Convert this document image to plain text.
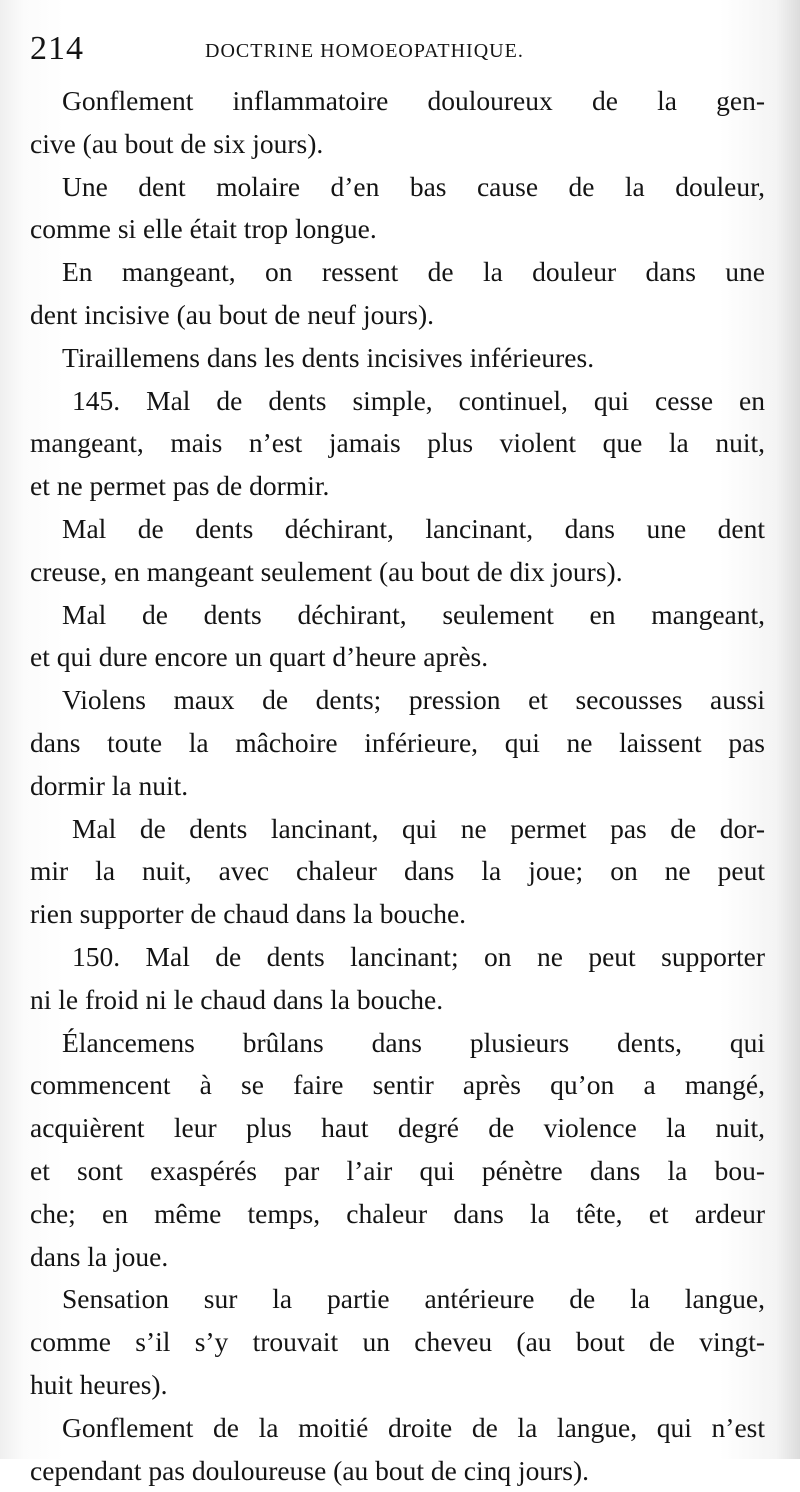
214	DOCTRINE HOMOEOPATHIQUE.
Gonflement inflammatoire douloureux de la gen-
cive (au bout de six jours).
Une dent molaire d’en bas cause de la douleur,
comme si elle était trop longue.
En mangeant, on ressent de la douleur dans une
dent incisive (au bout de neuf jours).
Tiraillemens dans les dents incisives inférieures.
145. Mal de dents simple, continuel, qui cesse en
mangeant, mais n’est jamais plus violent que la nuit,
et ne permet pas de dormir.
Mal de dents déchirant, lancinant, dans une dent
creuse, en mangeant seulement (au bout de dix jours).
Mal de dents déchirant, seulement en mangeant,
et qui dure encore un quart d’heure après.
Violens maux de dents; pression et secousses aussi
dans toute la mâchoire inférieure, qui ne laissent pas
dormir la nuit.
Mal de dents lancinant, qui ne permet pas de dor-
mir la nuit, avec chaleur dans la joue; on ne peut
rien supporter de chaud dans la bouche.
150. Mal de dents lancinant; on ne peut supporter
ni le froid ni le chaud dans la bouche.
Élancemens brûlans dans plusieurs dents, qui
commencent à se faire sentir après qu’on a mangé,
acquièrent leur plus haut degré de violence la nuit,
et sont exaspérés par l’air qui pénètre dans la bou-
che; en même temps, chaleur dans la tête, et ardeur
dans la joue.
Sensation sur la partie antérieure de la langue,
comme s’il s’y trouvait un cheveu (au bout de vingt-
huit heures).
Gonflement de la moitié droite de la langue, qui n’est
cependant pas douloureuse (au bout de cinq jours).
